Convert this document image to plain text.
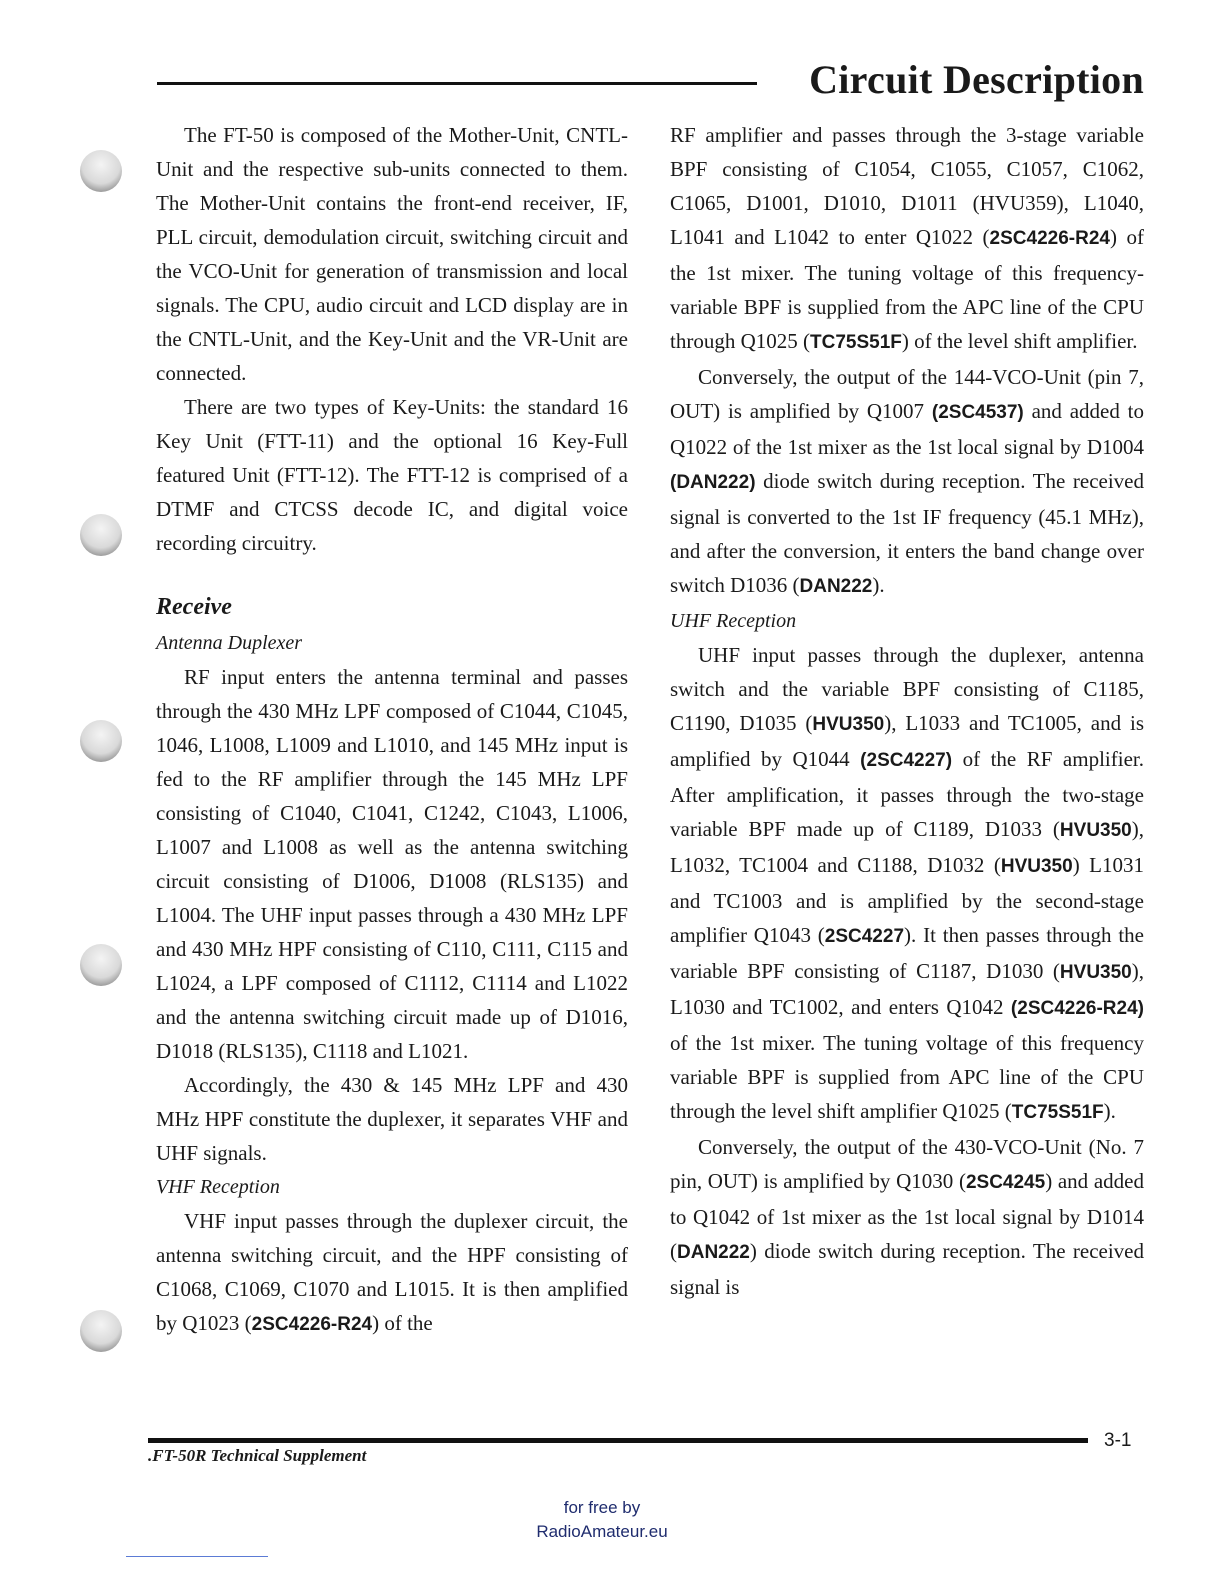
Circuit Description

The FT-50 is composed of the Mother-Unit, CNTL-Unit and the respective sub-units connected to them. The Mother-Unit contains the front-end receiver, IF, PLL circuit, demodulation circuit, switching circuit and the VCO-Unit for generation of transmission and local signals. The CPU, audio circuit and LCD display are in the CNTL-Unit, and the Key-Unit and the VR-Unit are connected.

There are two types of Key-Units: the standard 16 Key Unit (FTT-11) and the optional 16 Key-Full featured Unit (FTT-12). The FTT-12 is comprised of a DTMF and CTCSS decode IC, and digital voice recording circuitry.

Receive
Antenna Duplexer

RF input enters the antenna terminal and passes through the 430 MHz LPF composed of C1044, C1045, 1046, L1008, L1009 and L1010, and 145 MHz input is fed to the RF amplifier through the 145 MHz LPF consisting of C1040, C1041, C1242, C1043, L1006, L1007 and L1008 as well as the antenna switching circuit consisting of D1006, D1008 (RLS135) and L1004. The UHF input passes through a 430 MHz LPF and 430 MHz HPF consisting of C110, C111, C115 and L1024, a LPF composed of C1112, C1114 and L1022 and the antenna switching circuit made up of D1016, D1018 (RLS135), C1118 and L1021.

Accordingly, the 430 & 145 MHz LPF and 430 MHz HPF constitute the duplexer, it separates VHF and UHF signals.

VHF Reception

VHF input passes through the duplexer circuit, the antenna switching circuit, and the HPF consisting of C1068, C1069, C1070 and L1015. It is then amplified by Q1023 (2SC4226-R24) of the

RF amplifier and passes through the 3-stage variable BPF consisting of C1054, C1055, C1057, C1062, C1065, D1001, D1010, D1011 (HVU359), L1040, L1041 and L1042 to enter Q1022 (2SC4226-R24) of the 1st mixer. The tuning voltage of this frequency-variable BPF is supplied from the APC line of the CPU through Q1025 (TC75S51F) of the level shift amplifier.

Conversely, the output of the 144-VCO-Unit (pin 7, OUT) is amplified by Q1007 (2SC4537) and added to Q1022 of the 1st mixer as the 1st local signal by D1004 (DAN222) diode switch during reception. The received signal is converted to the 1st IF frequency (45.1 MHz), and after the conversion, it enters the band change over switch D1036 (DAN222).

UHF Reception

UHF input passes through the duplexer, antenna switch and the variable BPF consisting of C1185, C1190, D1035 (HVU350), L1033 and TC1005, and is amplified by Q1044 (2SC4227) of the RF amplifier. After amplification, it passes through the two-stage variable BPF made up of C1189, D1033 (HVU350), L1032, TC1004 and C1188, D1032 (HVU350) L1031 and TC1003 and is amplified by the second-stage amplifier Q1043 (2SC4227). It then passes through the variable BPF consisting of C1187, D1030 (HVU350), L1030 and TC1002, and enters Q1042 (2SC4226-R24) of the 1st mixer. The tuning voltage of this frequency variable BPF is supplied from APC line of the CPU through the level shift amplifier Q1025 (TC75S51F).

Conversely, the output of the 430-VCO-Unit (No. 7 pin, OUT) is amplified by Q1030 (2SC4245) and added to Q1042 of 1st mixer as the 1st local signal by D1014 (DAN222) diode switch during reception. The received signal is

.FT-50R Technical Supplement
3-1
for free by
RadioAmateur.eu
